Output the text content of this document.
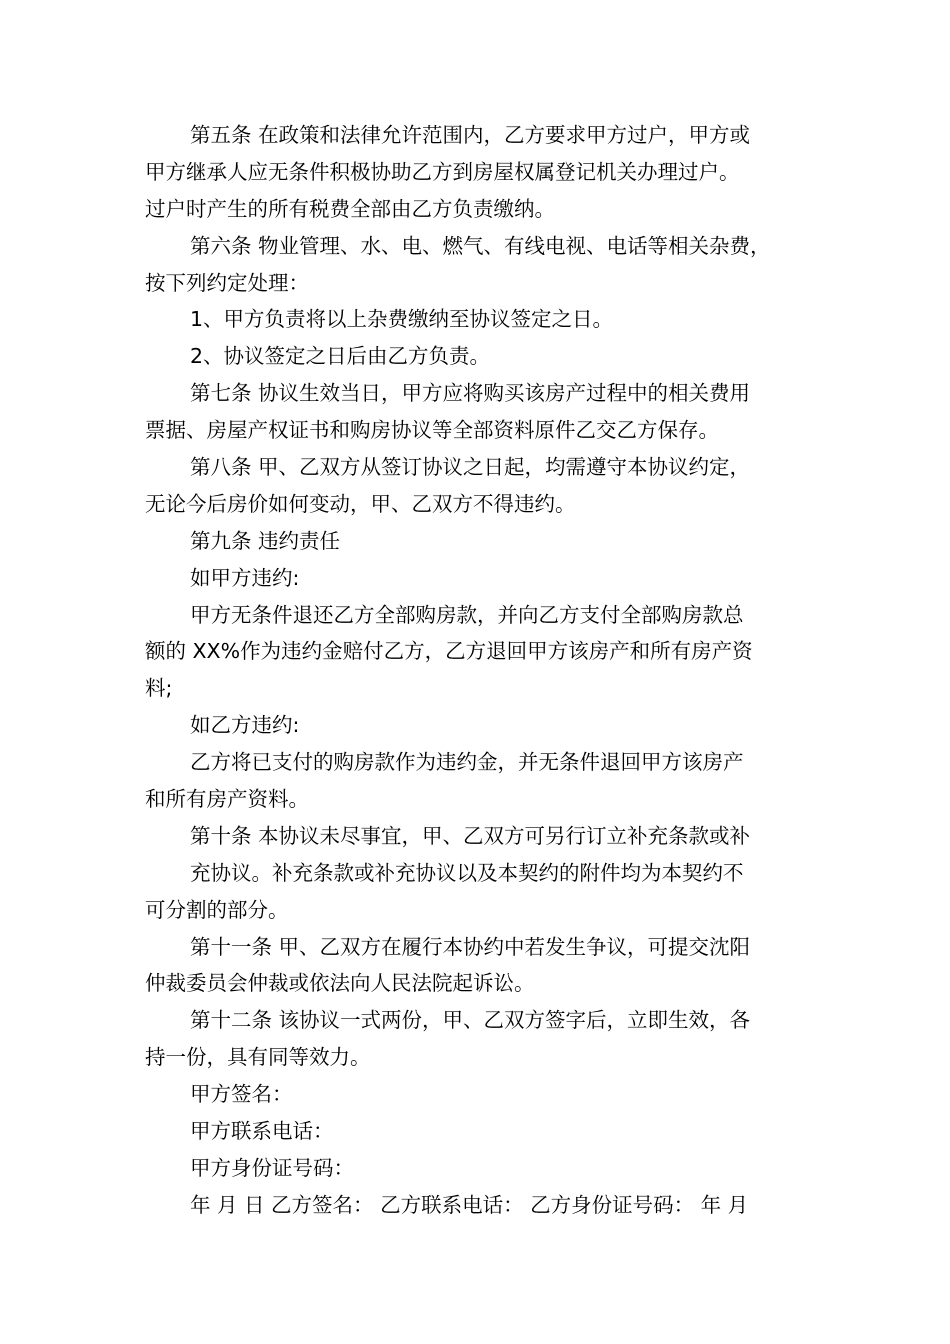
第五条 在政策和法律允许范围内，乙方要求甲方过户，甲方或
甲方继承人应无条件积极协助乙方到房屋权属登记机关办理过户。
过户时产生的所有税费全部由乙方负责缴纳。
第六条 物业管理、水、电、燃气、有线电视、电话等相关杂费，
按下列约定处理：
1、甲方负责将以上杂费缴纳至协议签定之日。
2、协议签定之日后由乙方负责。
第七条 协议生效当日，甲方应将购买该房产过程中的相关费用
票据、房屋产权证书和购房协议等全部资料原件乙交乙方保存。
第八条 甲、乙双方从签订协议之日起，均需遵守本协议约定，
无论今后房价如何变动，甲、乙双方不得违约。
第九条 违约责任
如甲方违约:
甲方无条件退还乙方全部购房款，并向乙方支付全部购房款总
额的 XX%作为违约金赔付乙方，乙方退回甲方该房产和所有房产资
料;
如乙方违约:
乙方将已支付的购房款作为违约金，并无条件退回甲方该房产
和所有房产资料。
第十条 本协议未尽事宜，甲、乙双方可另行订立补充条款或补
充协议。补充条款或补充协议以及本契约的附件均为本契约不
可分割的部分。
第十一条 甲、乙双方在履行本协约中若发生争议，可提交沈阳
仲裁委员会仲裁或依法向人民法院起诉讼。
第十二条 该协议一式两份，甲、乙双方签字后，立即生效，各
持一份，具有同等效力。
甲方签名：
甲方联系电话：
甲方身份证号码：
年 月 日 乙方签名： 乙方联系电话： 乙方身份证号码： 年 月
